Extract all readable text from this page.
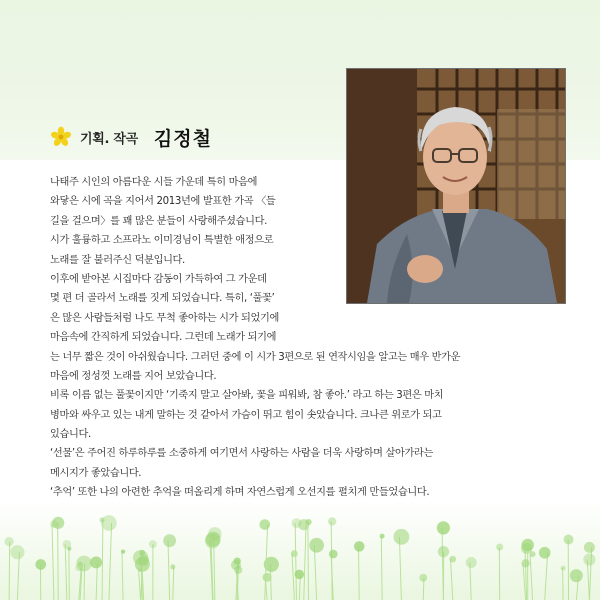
기획. 작곡 김정철
나태주 시인의 아름다운 시들 가운데 특히 마음에
와닿은 시에 곡을 지어서 2013년에 발표한 가곡 〈들
길을 걸으며〉를 꽤 많은 분들이 사랑해주셨습니다.
시가 훌륭하고 소프라노 이미경님이 특별한 애정으로
노래를 잘 불러주신 덕분입니다.
이후에 받아본 시집마다 감동이 가득하여 그 가운데
몇 편 더 골라서 노래를 짓게 되었습니다. 특히, ‘풀꽃’
은 많은 사람들처럼 나도 무척 좋아하는 시가 되었기에
마음속에 간직하게 되었습니다. 그런데 노래가 되기에
는 너무 짧은 것이 아쉬웠습니다. 그러던 중에 이 시가 3편으로 된 연작시임을 알고는 매우 반가운
마음에 정성껏 노래를 지어 보았습니다.
비록 이름 없는 풀꽃이지만 ‘기죽지 말고 살아봐, 꽃을 피워봐, 참 좋아.’ 라고 하는 3편은 마치
병마와 싸우고 있는 내게 말하는 것 같아서 가슴이 뛰고 힘이 솟았습니다. 크나큰 위로가 되고
있습니다.
‘선물’은 주어진 하루하루를 소중하게 여기면서 사랑하는 사람을 더욱 사랑하며 살아가라는
메시지가 좋았습니다.
‘추억’ 또한 나의 아련한 추억을 떠올리게 하며 자연스럽게 오선지를 펼치게 만들었습니다.
